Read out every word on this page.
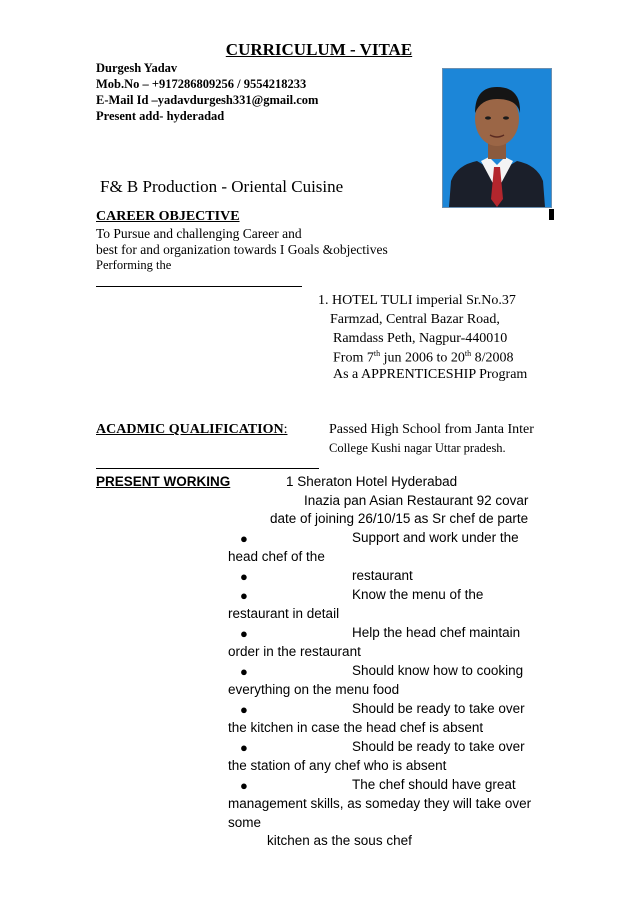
CURRICULUM - VITAE
Durgesh Yadav
Mob.No – +917286809256 / 9554218233
E-Mail Id –yadavdurgesh331@gmail.com
Present add- hyderadad
F& B Production - Oriental Cuisine
CAREER OBJECTIVE
To Pursue and challenging Career and
best for and organization towards I Goals &objectives
Performing the
1. HOTEL TULI imperial Sr.No.37
Farmzad, Central Bazar Road,
Ramdass Peth, Nagpur-440010
From 7th jun 2006 to 20th 8/2008
As a APPRENTICESHIP Program
ACADMIC QUALIFICATION:	Passed High School from Janta Inter
College Kushi nagar Uttar pradesh.
PRESENT WORKING	1 Sheraton Hotel Hyderabad
Inazia pan Asian Restaurant 92 covar
date of joining 26/10/15 as Sr chef de parte
●	Support and work under the
head chef of the
●	restaurant
●	Know the menu of the
restaurant in detail
●	Help the head chef maintain
order in the restaurant
●	Should know how to cooking
everything on the menu food
●	Should be ready to take over
the kitchen in case the head chef is absent
●	Should be ready to take over
the station of any chef who is absent
●	The chef should have great
management skills, as someday they will take over
some
kitchen as the sous chef
